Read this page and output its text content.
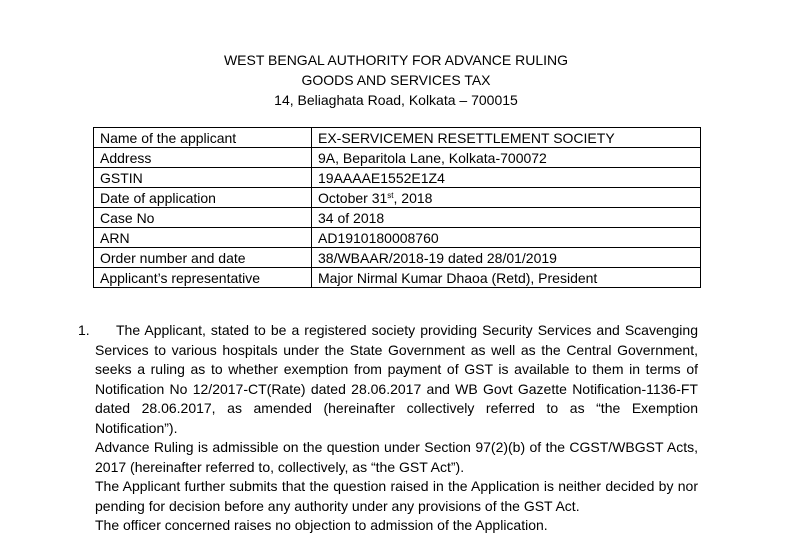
WEST BENGAL AUTHORITY FOR ADVANCE RULING
GOODS AND SERVICES TAX
14, Beliaghata Road, Kolkata – 700015
Name of the applicant	EX-SERVICEMEN RESETTLEMENT SOCIETY
Address	9A, Beparitola Lane, Kolkata-700072
GSTIN	19AAAAE1552E1Z4
Date of application	October 31st, 2018
Case No	34 of 2018
ARN	AD1910180008760
Order number and date	38/WBAAR/2018-19 dated 28/01/2019
Applicant’s representative	Major Nirmal Kumar Dhaoa (Retd), President
1.	The Applicant, stated to be a registered society providing Security Services and Scavenging Services to various hospitals under the State Government as well as the Central Government, seeks a ruling as to whether exemption from payment of GST is available to them in terms of Notification No 12/2017-CT(Rate) dated 28.06.2017 and WB Govt Gazette Notification-1136-FT dated 28.06.2017, as amended (hereinafter collectively referred to as “the Exemption Notification”).

Advance Ruling is admissible on the question under Section 97(2)(b) of the CGST/WBGST Acts, 2017 (hereinafter referred to, collectively, as “the GST Act”).

The Applicant further submits that the question raised in the Application is neither decided by nor pending for decision before any authority under any provisions of the GST Act.

The officer concerned raises no objection to admission of the Application.
